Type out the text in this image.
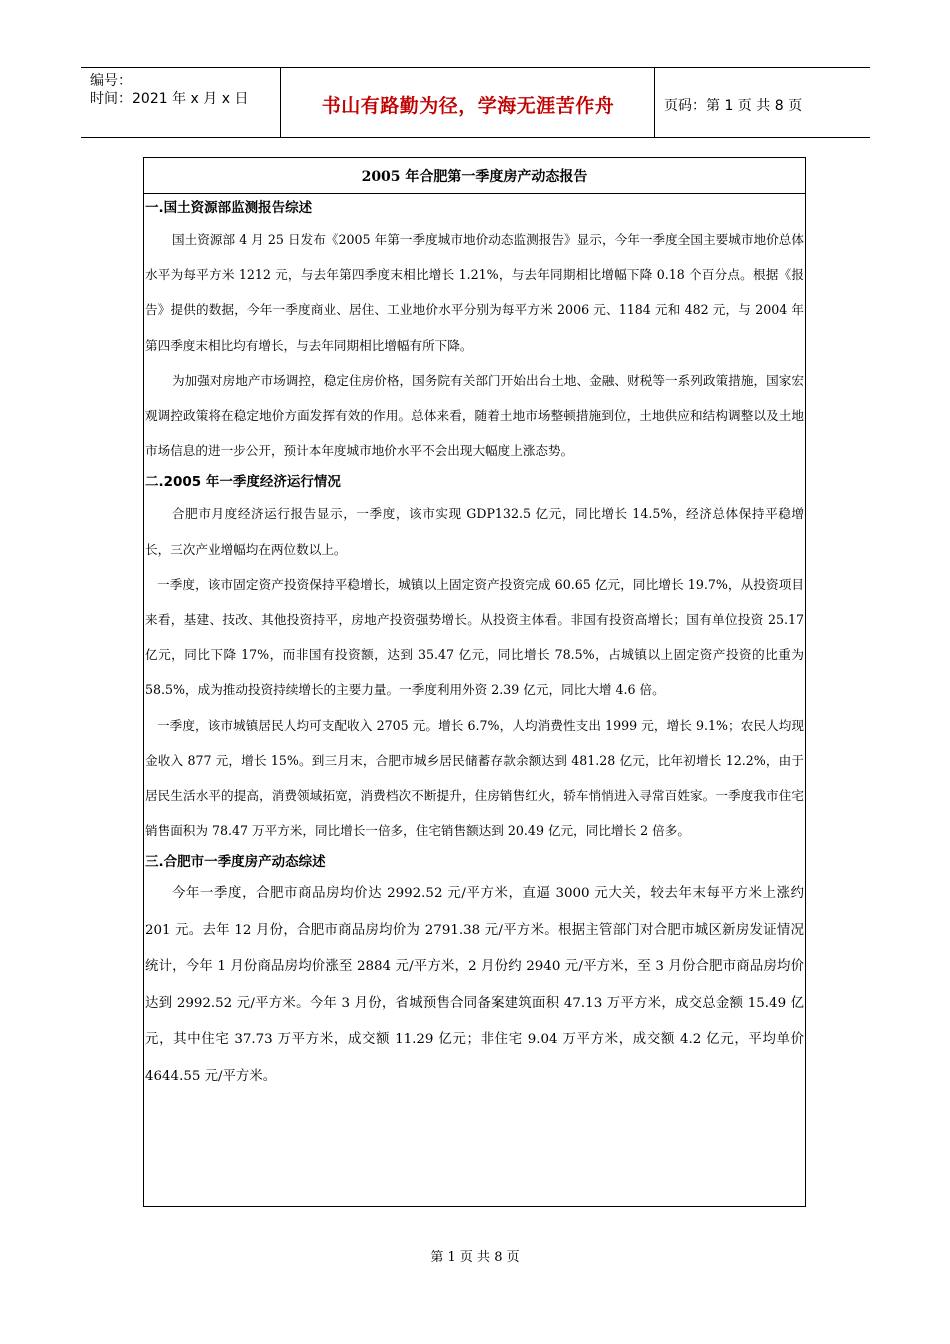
编号：
时间：2021 年 x 月 x 日	书山有路勤为径，学海无涯苦作舟	页码：第 1 页 共 8 页
2005 年合肥第一季度房产动态报告
一.国土资源部监测报告综述

国土资源部 4 月 25 日发布《2005 年第一季度城市地价动态监测报告》显示，今年一季度全国主要城市地价总体水平为每平方米 1212 元，与去年第四季度末相比增长 1.21%，与去年同期相比增幅下降 0.18 个百分点。根据《报告》提供的数据，今年一季度商业、居住、工业地价水平分别为每平方米 2006 元、1184 元和 482 元，与 2004 年第四季度末相比均有增长，与去年同期相比增幅有所下降。

为加强对房地产市场调控，稳定住房价格，国务院有关部门开始出台土地、金融、财税等一系列政策措施，国家宏观调控政策将在稳定地价方面发挥有效的作用。总体来看，随着土地市场整顿措施到位，土地供应和结构调整以及土地市场信息的进一步公开，预计本年度城市地价水平不会出现大幅度上涨态势。

二.2005 年一季度经济运行情况

合肥市月度经济运行报告显示，一季度，该市实现 GDP132.5 亿元，同比增长 14.5%，经济总体保持平稳增长，三次产业增幅均在两位数以上。

一季度，该市固定资产投资保持平稳增长，城镇以上固定资产投资完成 60.65 亿元，同比增长 19.7%，从投资项目来看，基建、技改、其他投资持平，房地产投资强势增长。从投资主体看。非国有投资高增长；国有单位投资 25.17 亿元，同比下降 17%，而非国有投资额，达到 35.47 亿元，同比增长 78.5%，占城镇以上固定资产投资的比重为 58.5%，成为推动投资持续增长的主要力量。一季度利用外资 2.39 亿元，同比大增 4.6 倍。

一季度，该市城镇居民人均可支配收入 2705 元。增长 6.7%，人均消费性支出 1999 元，增长 9.1%；农民人均现金收入 877 元，增长 15%。到三月末，合肥市城乡居民储蓄存款余额达到 481.28 亿元，比年初增长 12.2%，由于居民生活水平的提高，消费领域拓宽，消费档次不断提升，住房销售红火，轿车悄悄进入寻常百姓家。一季度我市住宅销售面积为 78.47 万平方米，同比增长一倍多，住宅销售额达到 20.49 亿元，同比增长 2 倍多。

三.合肥市一季度房产动态综述

今年一季度，合肥市商品房均价达 2992.52 元/平方米，直逼 3000 元大关，较去年末每平方米上涨约 201 元。去年 12 月份，合肥市商品房均价为 2791.38 元/平方米。根据主管部门对合肥市城区新房发证情况统计，今年 1 月份商品房均价涨至 2884 元/平方米，2 月份约 2940 元/平方米，至 3 月份合肥市商品房均价达到 2992.52 元/平方米。今年 3 月份，省城预售合同备案建筑面积 47.13 万平方米，成交总金额 15.49 亿元，其中住宅 37.73 万平方米，成交额 11.29 亿元；非住宅 9.04 万平方米，成交额 4.2 亿元，平均单价 4644.55 元/平方米。

第 1 页 共 8 页
